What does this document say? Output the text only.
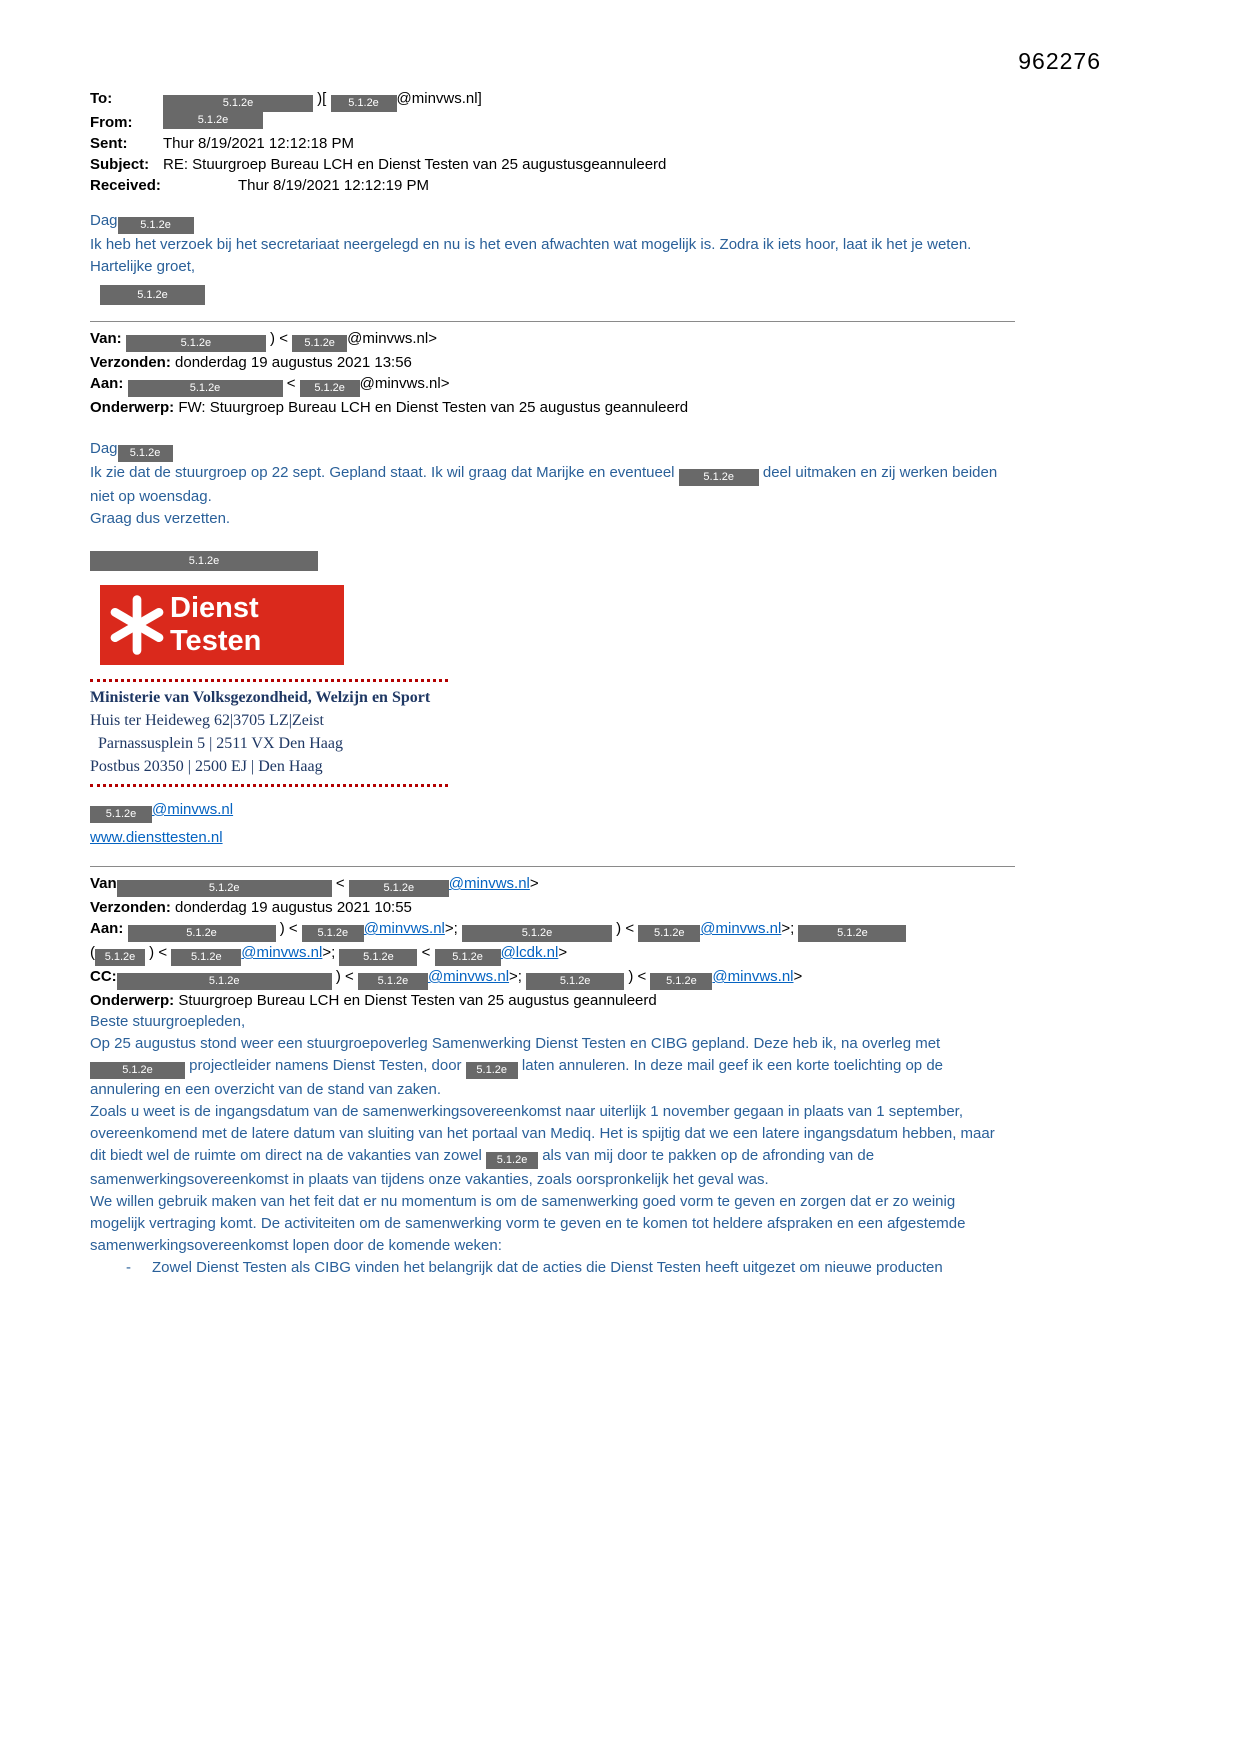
962276
To:	5.1.2e	)[ 5.1.2e @minvws.nl]
From:	5.1.2e
Sent:	Thur 8/19/2021 12:12:18 PM
Subject: RE: Stuurgroep Bureau LCH en Dienst Testen van 25 augustusgeannuleerd
Received:	Thur 8/19/2021 12:12:19 PM
Dag 5.1.2e

Ik heb het verzoek bij het secretariaat neergelegd en nu is het even afwachten wat mogelijk is. Zodra ik iets hoor, laat ik het je weten.

Hartelijke groet,

5.1.2e
Van:	5.1.2e	) < 5.1.2e @minvws.nl>
Verzonden: donderdag 19 augustus 2021 13:56
Aan:	5.1.2e	< 5.1.2e @minvws.nl>
Onderwerp: FW: Stuurgroep Bureau LCH en Dienst Testen van 25 augustus geannuleerd
Dag 5.1.2e

Ik zie dat de stuurgroep op 22 sept. Gepland staat. Ik wil graag dat Marijke en eventueel	5.1.2e deel uitmaken en zij werken beiden niet op woensdag.

Graag dus verzetten.

5.1.2e
Dienst Testen
Ministerie van Volksgezondheid, Welzijn en Sport
Huis ter Heideweg 62|3705 LZ|Zeist
Parnassusplein 5 | 2511 VX Den Haag
Postbus 20350 | 2500 EJ | Den Haag
5.1.2e @minvws.nl
www.diensttesten.nl
Van	5.1.2e	<	5.1.2e @minvws.nl>
Verzonden: donderdag 19 augustus 2021 10:55
Aan:	5.1.2e	) < 5.1.2e @minvws.nl>;	5.1.2e	) < 5.1.2e @minvws.nl>;	5.1.2e
( 5.1.2e ) < 5.1.2e @minvws.nl>;	5.1.2e < 5.1.2e @lcdk.nl>
CC:	5.1.2e	) < 5.1.2e @minvws.nl>;	5.1.2e	) < 5.1.2e @minvws.nl>
Onderwerp: Stuurgroep Bureau LCH en Dienst Testen van 25 augustus geannuleerd

Beste stuurgroepleden,

Op 25 augustus stond weer een stuurgroepoverleg Samenwerking Dienst Testen en CIBG gepland. Deze heb ik, na overleg met 5.1.2e projectleider namens Dienst Testen, door 5.1.2e laten annuleren. In deze mail geef ik een korte toelichting op de annulering en een overzicht van de stand van zaken.

Zoals u weet is de ingangsdatum van de samenwerkingsovereenkomst naar uiterlijk 1 november gegaan in plaats van 1 september, overeenkomend met de latere datum van sluiting van het portaal van Mediq. Het is spijtig dat we een latere ingangsdatum hebben, maar dit biedt wel de ruimte om direct na de vakanties van zowel 5.1.2e als van mij door te pakken op de afronding van de samenwerkingsovereenkomst in plaats van tijdens onze vakanties, zoals oorspronkelijk het geval was.

We willen gebruik maken van het feit dat er nu momentum is om de samenwerking goed vorm te geven en zorgen dat er zo weinig mogelijk vertraging komt. De activiteiten om de samenwerking vorm te geven en te komen tot heldere afspraken en een afgestemde samenwerkingsovereenkomst lopen door de komende weken:

-	Zowel Dienst Testen als CIBG vinden het belangrijk dat de acties die Dienst Testen heeft uitgezet om nieuwe producten
